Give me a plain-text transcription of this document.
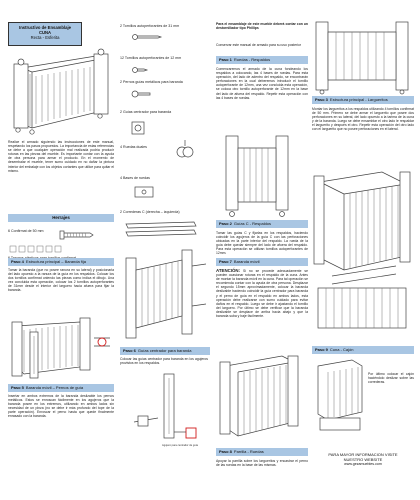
Instructivo de Ensamblaje
CUNA
Recta - Esferita
Realice el armado siguiendo las instrucciones de este manual, respetando los pasos propuestos. La importancia de estas referencias se debe a que cualquier operación mal realizada podría producir roturas en las piezas del mueble. Es importante contar con la ayuda de otra persona para armar el producto. En el momento de desembalar el mueble, tener sumo cuidado en no dañar la pintura interior del embalaje con los objetos cortantes que utilice para quitar el mismo.
Herrajes
6 Confirmat de 50 mm
Paso 4 Estructura principal – Baranda fija
Tomar la baranda (que no posee ranura en su lateral) y posicionarla del lado opuesto a la ranura de la guía en los respaldos. Colocar los dos tornillos confirmat uniendo las piezas como indica el dibujo. Una vez concluida esta operación, colocar los 2 tornillos autoperforantes de 31mm desde el interior del larguero hacia afuera para fijar la baranda.
Paso 5 Baranda móvil – Pernos de guía
Insertar en ambos extremos de la baranda deslizable los pernos metálicos. Estos se enroscan fácilmente en los agujeros que la baranda posee en los extremos, utilizando en ambos lados sin necesidad de un pinza (no se debe ir más profundo del tope de la parte operación). Enroscar el perno hasta que quede finalmente enrasado con la baranda.
2 Tornillos autoperforantes de 31 mm
12 Tornillos autoperforantes de 12 mm
2 Pernos guías metálicos para baranda
2 Guías centrador para baranda
4 Ruedas duales
4 Bases de ruedas
2 Correderas C (derecha – izquierda)
Paso 6 Guías centrador para baranda
Colocar las guías centrador para baranda en los agujeros provistos en los respaldos.
Agujero para centrador de guía
Para el ensamblaje de este mueble deberá contar con un destornillador tipo Phillips
Conservar este manual de armado para su uso posterior
Paso 1 Ruedas - Respaldos
Comenzaremos el armado de la cuna fondeando los respaldos a colocando, las 4 bases de ruedas. Para esta operación, del lado de adentro del respaldo, se encontrarán perforaciones en la cual deberemos introducir el tornillo autoperforante de 12mm, una vez concluida esta operación, se coloca otro tornillo autoperforante de 12mm en la base del lado de afuera del respaldo. Repetir esta operación con las 4 bases de ruedas.
Paso 2 Guías C - Respaldos
Tomar las guías C y fijarlas en los respaldos, haciendo coincidir los agujeros de la guía C con las perforaciones ubicadas en la parte interior del respaldo. La rueda de la guía debe quedar siempre del lado de afuera del respaldo. Para esta operación se utilizan tornillos autoperforantes de 12mm.
Paso 7 Baranda móvil
ATENCIÓN: Si no se procede adecuadamente se pueden ocasionar roturas en el respaldo de la cuna. Antes de montar la baranda móvil en la cuna. Para tal operación se recomienda contar con la ayuda de otra persona. Desplazar el segundo 15mm aproximadamente, colocar la baranda deslizable haciendo coincidir la guía centrador para baranda y el perno de guía en el respaldo en ambos lados, esta operación debe realizarse con sumo cuidado para evitar daños en el respaldo. Luego se debe ir ajustando el tornillo del larguero. Por último se debe verificar que la baranda deslizable se desplace de arriba hacia abajo y que la baranda suba y baje fácilmente.
Paso 8 Parrilla - Ruedas
Apoyar la parrilla sobre los largueritos y encastrar el perno de las ruedas en la base de las mismas.
Paso 3 Estructura principal - Largueritos
Montar los largueritos a los respaldos utilizando 4 tornillos confirmat de 50 mm. Primero se debe armar el larguerito que posee dos perforaciones en su lateral, del lado opuesto a la tarima de la cuna y de la baranda. Luego se debe ensamblar el otro lado le respaldar el larguerito y después el otro. Repetir esta operación del otro lado con el larguerito que no posee perforaciones en el lateral.
Paso 9 Cuna - Cajón
Por último colocar el cajón haciéndolo deslizar sobre las correderas.
PARA MAYOR INFORMACION VISITE
NUESTRO WEBSITE
www.gezamuebles.com
